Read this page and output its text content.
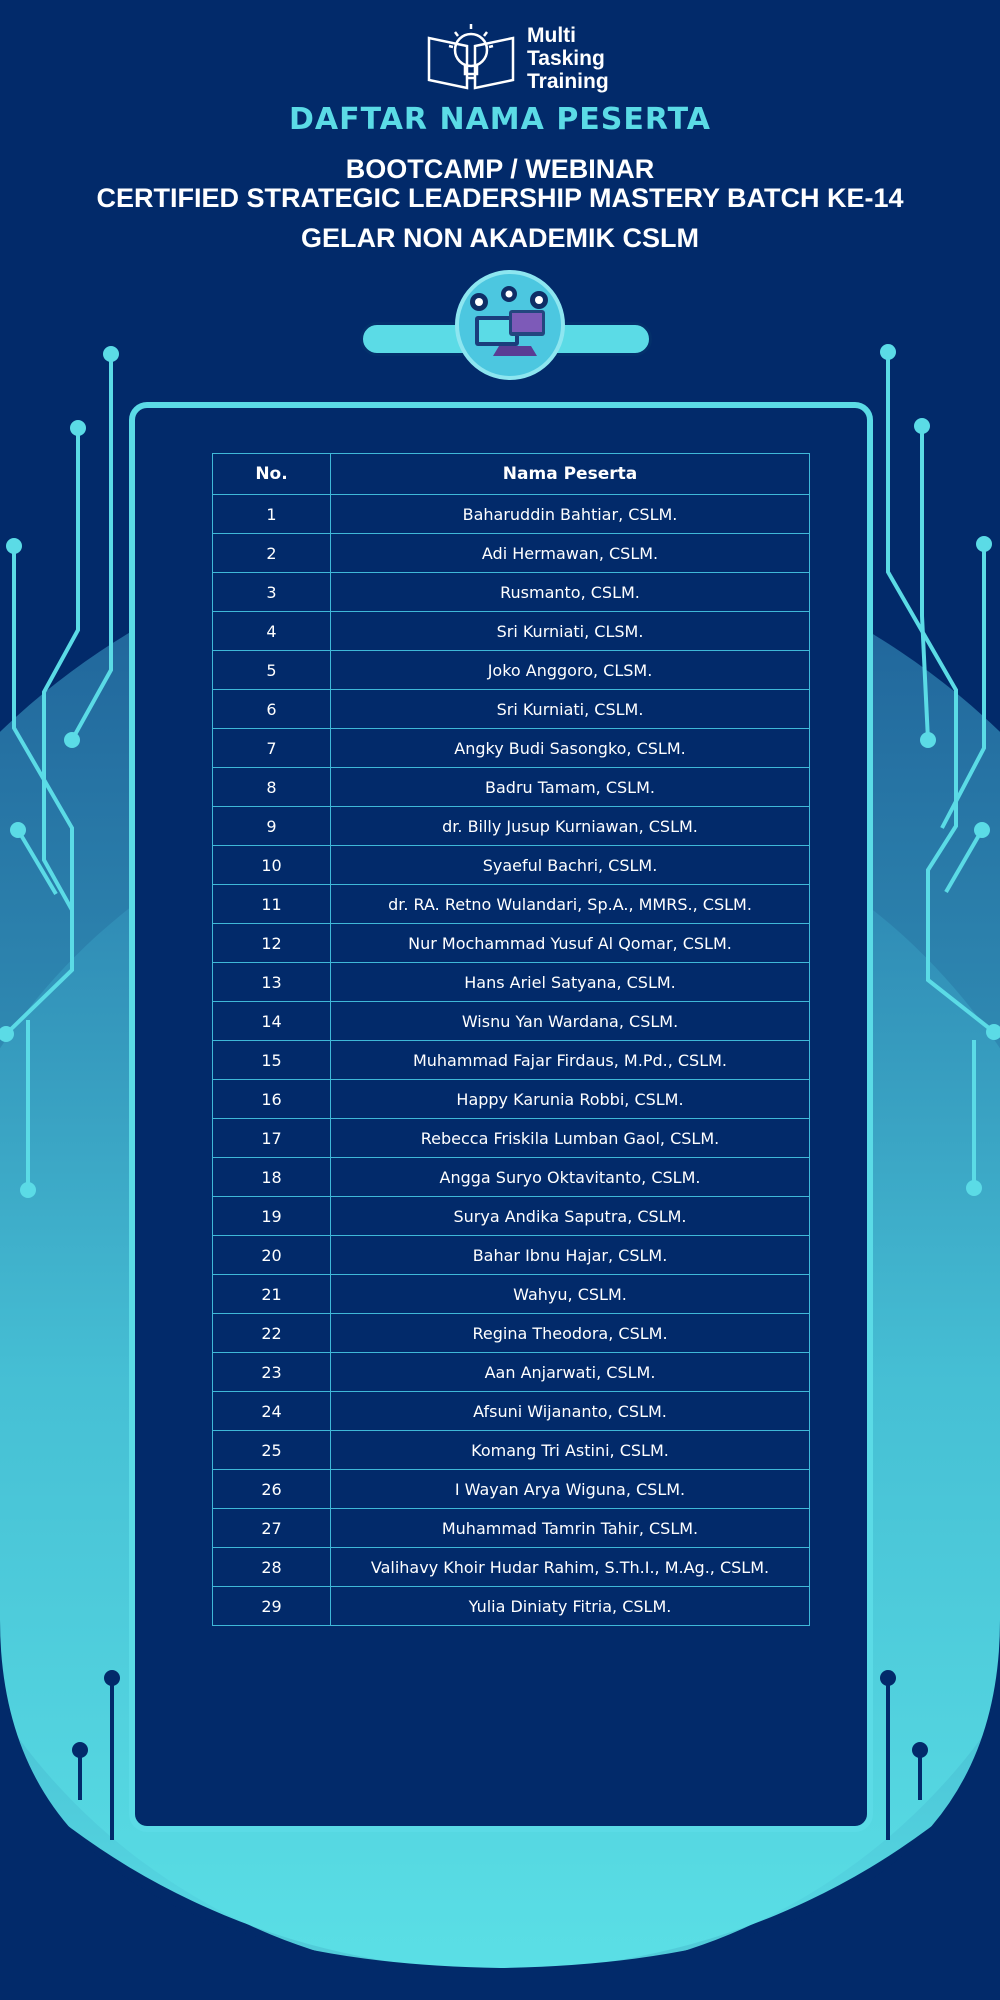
Multi
Tasking
Training
DAFTAR NAMA PESERTA
BOOTCAMP / WEBINAR
CERTIFIED STRATEGIC LEADERSHIP MASTERY BATCH KE-14
GELAR NON AKADEMIK CSLM
No.	Nama Peserta
1	Baharuddin Bahtiar, CSLM.
2	Adi Hermawan, CSLM.
3	Rusmanto, CSLM.
4	Sri Kurniati, CLSM.
5	Joko Anggoro, CLSM.
6	Sri Kurniati, CSLM.
7	Angky Budi Sasongko, CSLM.
8	Badru Tamam, CSLM.
9	dr. Billy Jusup Kurniawan, CSLM.
10	Syaeful Bachri, CSLM.
11	dr. RA. Retno Wulandari, Sp.A., MMRS., CSLM.
12	Nur Mochammad Yusuf Al Qomar, CSLM.
13	Hans Ariel Satyana, CSLM.
14	Wisnu Yan Wardana, CSLM.
15	Muhammad Fajar Firdaus, M.Pd., CSLM.
16	Happy Karunia Robbi, CSLM.
17	Rebecca Friskila Lumban Gaol, CSLM.
18	Angga Suryo Oktavitanto, CSLM.
19	Surya Andika Saputra, CSLM.
20	Bahar Ibnu Hajar, CSLM.
21	Wahyu, CSLM.
22	Regina Theodora, CSLM.
23	Aan Anjarwati, CSLM.
24	Afsuni Wijananto, CSLM.
25	Komang Tri Astini, CSLM.
26	I Wayan Arya Wiguna, CSLM.
27	Muhammad Tamrin Tahir, CSLM.
28	Valihavy Khoir Hudar Rahim, S.Th.I., M.Ag., CSLM.
29	Yulia Diniaty Fitria, CSLM.
